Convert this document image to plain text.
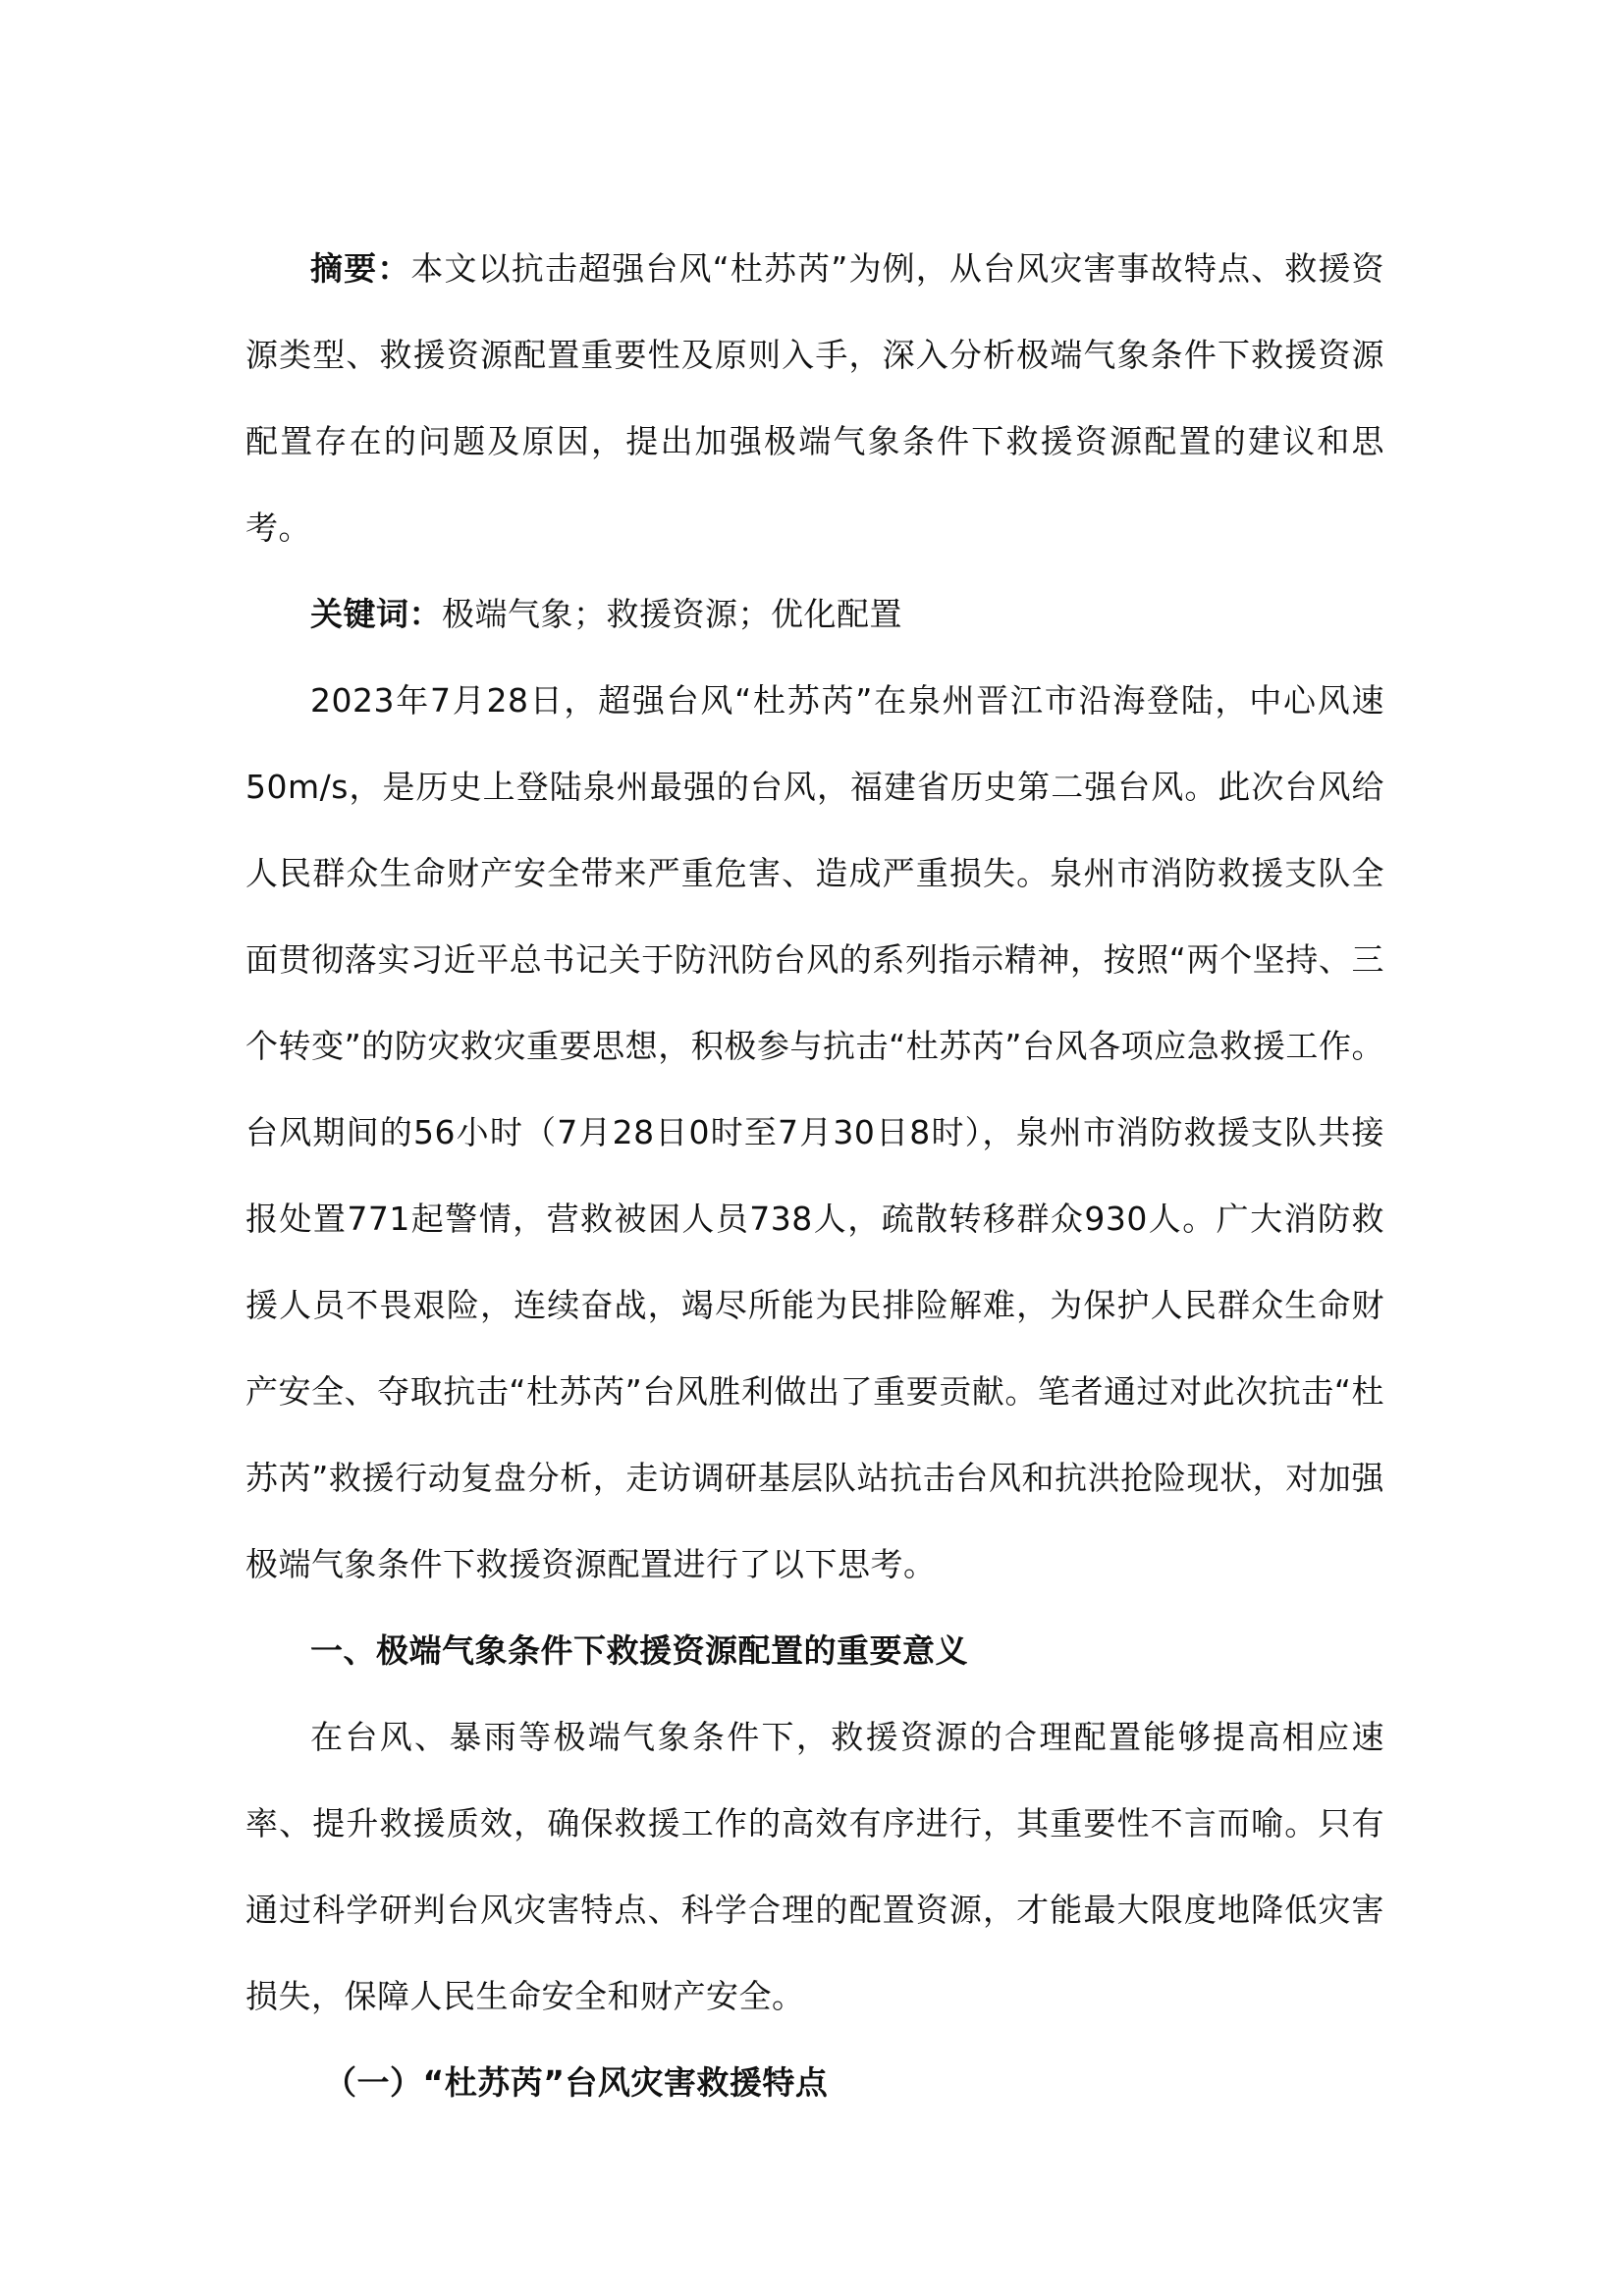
摘要：本文以抗击超强台风“杜苏芮”为例，从台风灾害事故特点、救援资源类型、救援资源配置重要性及原则入手，深入分析极端气象条件下救援资源配置存在的问题及原因，提出加强极端气象条件下救援资源配置的建议和思考。

关键词：极端气象；救援资源；优化配置

2023年7月28日，超强台风“杜苏芮”在泉州晋江市沿海登陆，中心风速50m/s，是历史上登陆泉州最强的台风，福建省历史第二强台风。此次台风给人民群众生命财产安全带来严重危害、造成严重损失。泉州市消防救援支队全面贯彻落实习近平总书记关于防汛防台风的系列指示精神，按照“两个坚持、三个转变”的防灾救灾重要思想，积极参与抗击“杜苏芮”台风各项应急救援工作。台风期间的56小时（7月28日0时至7月30日8时），泉州市消防救援支队共接报处置771起警情，营救被困人员738人，疏散转移群众930人。广大消防救援人员不畏艰险，连续奋战，竭尽所能为民排险解难，为保护人民群众生命财产安全、夺取抗击“杜苏芮”台风胜利做出了重要贡献。笔者通过对此次抗击“杜苏芮”救援行动复盘分析，走访调研基层队站抗击台风和抗洪抢险现状，对加强极端气象条件下救援资源配置进行了以下思考。

一、极端气象条件下救援资源配置的重要意义

在台风、暴雨等极端气象条件下，救援资源的合理配置能够提高相应速率、提升救援质效，确保救援工作的高效有序进行，其重要性不言而喻。只有通过科学研判台风灾害特点、科学合理的配置资源，才能最大限度地降低灾害损失，保障人民生命安全和财产安全。

（一）“杜苏芮”台风灾害救援特点
